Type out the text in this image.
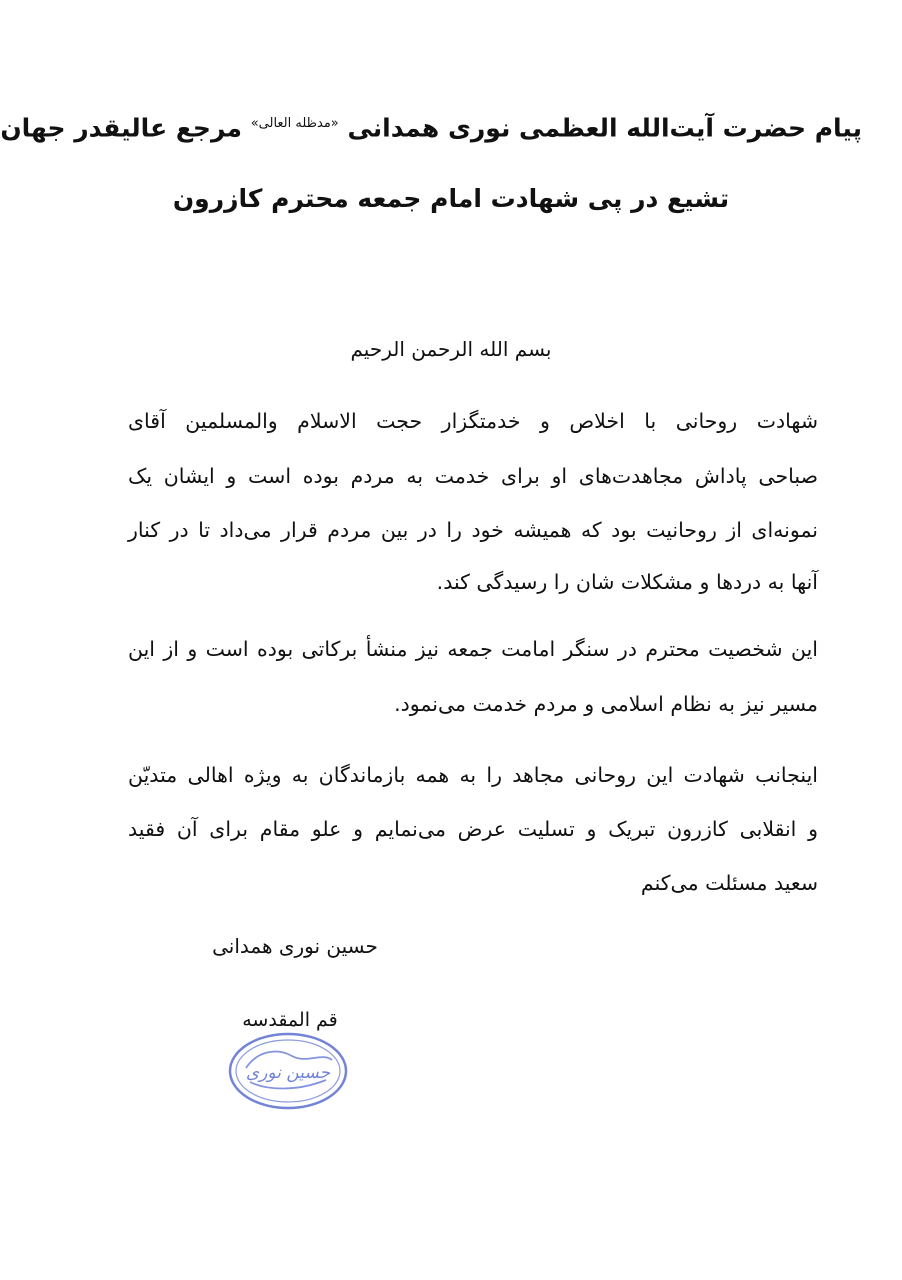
پیام حضرت آیت‌الله العظمی نوری همدانی $^{«مدظله العالی»}$ مرجع عالیقدر جهان
تشیع در پی شهادت امام جمعه محترم کازرون
بسم الله الرحمن الرحیم
شهادت روحانی با اخلاص و خدمتگزار حجت الاسلام والمسلمین آقای
صباحی پاداش مجاهدت‌های او برای خدمت به مردم بوده است و ایشان یک
نمونه‌ای از روحانیت بود که همیشه خود را در بین مردم قرار می‌داد تا در کنار
آنها به دردها و مشکلات شان را رسیدگی کند.
این شخصیت محترم در سنگر امامت جمعه نیز منشأ برکاتی بوده است و از این
مسیر نیز به نظام اسلامی و مردم خدمت می‌نمود.
اینجانب شهادت این روحانی مجاهد را به همه بازماندگان به ویژه اهالی متدیّن
و انقلابی کازرون تبریک و تسلیت عرض می‌نمایم و علو مقام برای آن فقید
سعید مسئلت می‌کنم
حسین نوری همدانی
قم المقدسه
حسین نوری
